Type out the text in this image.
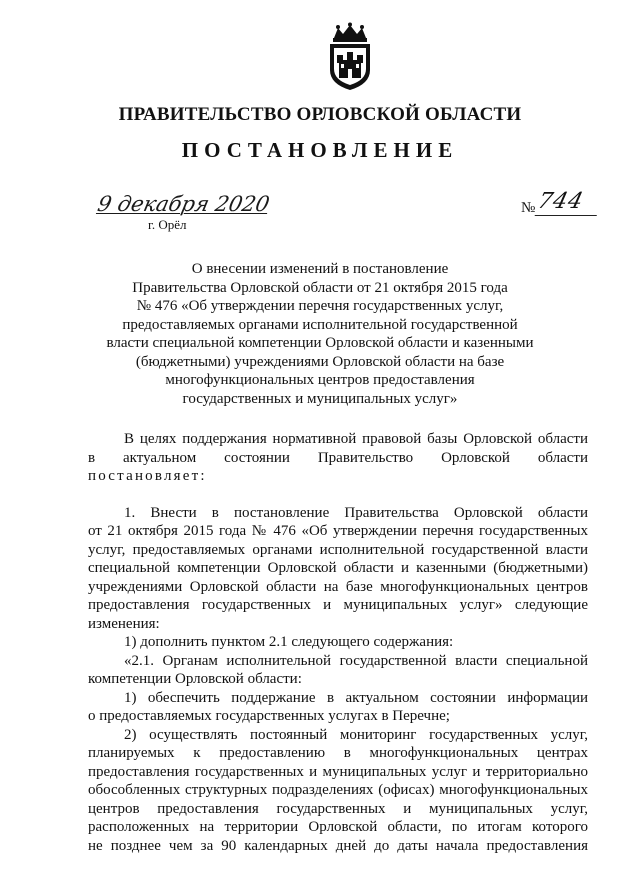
ПРАВИТЕЛЬСТВО ОРЛОВСКОЙ ОБЛАСТИ
ПОСТАНОВЛЕНИЕ
9 декабря 2020
г. Орёл
№ 744
О внесении изменений в постановление
Правительства Орловской области от 21 октября 2015 года
№ 476 «Об утверждении перечня государственных услуг,
предоставляемых органами исполнительной государственной
власти специальной компетенции Орловской области и казенными
(бюджетными) учреждениями Орловской области на базе
многофункциональных центров предоставления
государственных и муниципальных услуг»
В целях поддержания нормативной правовой базы Орловской области
в актуальном состоянии Правительство Орловской области
постановляет:
1. Внести в постановление Правительства Орловской области
от 21 октября 2015 года № 476 «Об утверждении перечня государственных
услуг, предоставляемых органами исполнительной государственной власти
специальной компетенции Орловской области и казенными (бюджетными)
учреждениями Орловской области на базе многофункциональных центров
предоставления государственных и муниципальных услуг» следующие
изменения:
1) дополнить пунктом 2.1 следующего содержания:
«2.1. Органам исполнительной государственной власти специальной
компетенции Орловской области:
1) обеспечить поддержание в актуальном состоянии информации
о предоставляемых государственных услугах в Перечне;
2) осуществлять постоянный мониторинг государственных услуг,
планируемых к предоставлению в многофункциональных центрах
предоставления государственных и муниципальных услуг и территориально
обособленных структурных подразделениях (офисах) многофункциональных
центров предоставления государственных и муниципальных услуг,
расположенных на территории Орловской области, по итогам которого
не позднее чем за 90 календарных дней до даты начала предоставления
